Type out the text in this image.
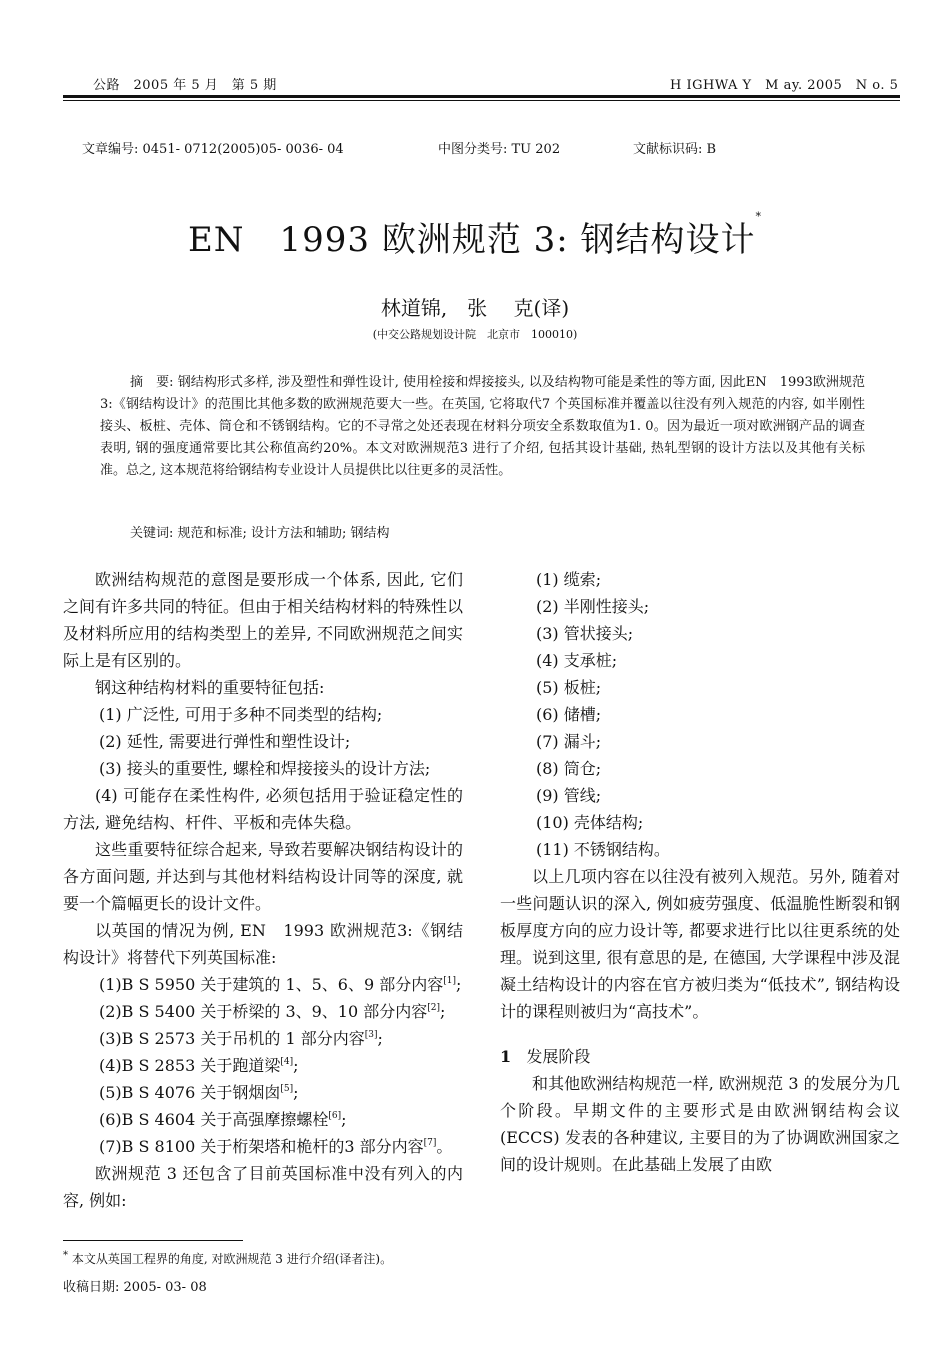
公路　2005 年 5 月　第 5 期	H IGHWA Y　M ay. 2005　N o. 5
文章编号: 0451- 0712(2005)05- 0036- 04	中图分类号: TU 202	文献标识码: B
EN　1993 欧洲规范 3: 钢结构设计*
林道锦,　张　 克(译)
(中交公路规划设计院　北京市　100010)
摘　要: 钢结构形式多样, 涉及塑性和弹性设计, 使用栓接和焊接接头, 以及结构物可能是柔性的等方面, 因此EN　1993欧洲规范3:《钢结构设计》的范围比其他多数的欧洲规范要大一些。在英国, 它将取代7 个英国标准并覆盖以往没有列入规范的内容, 如半刚性接头、板桩、壳体、筒仓和不锈钢结构。它的不寻常之处还表现在材料分项安全系数取值为1. 0。因为最近一项对欧洲钢产品的调查表明, 钢的强度通常要比其公称值高约20%。本文对欧洲规范3 进行了介绍, 包括其设计基础, 热轧型钢的设计方法以及其他有关标准。总之, 这本规范将给钢结构专业设计人员提供比以往更多的灵活性。
关键词: 规范和标准; 设计方法和辅助; 钢结构

欧洲结构规范的意图是要形成一个体系, 因此, 它们之间有许多共同的特征。但由于相关结构材料的特殊性以及材料所应用的结构类型上的差异, 不同欧洲规范之间实际上是有区别的。

钢这种结构材料的重要特征包括:

(1) 广泛性, 可用于多种不同类型的结构;

(2) 延性, 需要进行弹性和塑性设计;

(3) 接头的重要性, 螺栓和焊接接头的设计方法;

(4) 可能存在柔性构件, 必须包括用于验证稳定性的方法, 避免结构、杆件、平板和壳体失稳。

这些重要特征综合起来, 导致若要解决钢结构设计的各方面问题, 并达到与其他材料结构设计同等的深度, 就要一个篇幅更长的设计文件。

以英国的情况为例, EN　1993 欧洲规范3:《钢结构设计》将替代下列英国标准:

(1)B S 5950 关于建筑的 1、5、6、9 部分内容[1];

(2)B S 5400 关于桥梁的 3、9、10 部分内容[2];

(3)B S 2573 关于吊机的 1 部分内容[3];

(4)B S 2853 关于跑道梁[4];

(5)B S 4076 关于钢烟囱[5];

(6)B S 4604 关于高强摩擦螺栓[6];

(7)B S 8100 关于桁架塔和桅杆的3 部分内容[7]。

欧洲规范 3 还包含了目前英国标准中没有列入的内容, 例如:

(1) 缆索;

(2) 半刚性接头;

(3) 管状接头;

(4) 支承桩;

(5) 板桩;

(6) 储槽;

(7) 漏斗;

(8) 筒仓;

(9) 管线;

(10) 壳体结构;

(11) 不锈钢结构。

以上几项内容在以往没有被列入规范。另外, 随着对一些问题认识的深入, 例如疲劳强度、低温脆性断裂和钢板厚度方向的应力设计等, 都要求进行比以往更系统的处理。说到这里, 很有意思的是, 在德国, 大学课程中涉及混凝土结构设计的内容在官方被归类为“低技术”, 钢结构设计的课程则被归为“高技术”。

1 发展阶段

和其他欧洲结构规范一样, 欧洲规范 3 的发展分为几个阶段。早期文件的主要形式是由欧洲钢结构会议(ECCS) 发表的各种建议, 主要目的为了协调欧洲国家之间的设计规则。在此基础上发展了由欧

* 本文从英国工程界的角度, 对欧洲规范 3 进行介绍(译者注)。
收稿日期: 2005- 03- 08
